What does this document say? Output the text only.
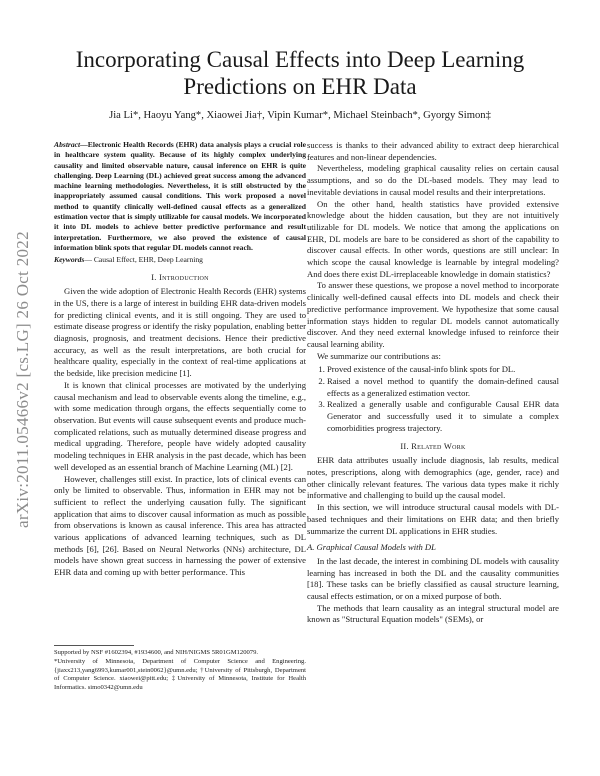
arXiv:2011.05466v2 [cs.LG] 26 Oct 2022
Incorporating Causal Effects into Deep Learning Predictions on EHR Data
Jia Li*, Haoyu Yang*, Xiaowei Jia†, Vipin Kumar*, Michael Steinbach*, Gyorgy Simon‡

Abstract—Electronic Health Records (EHR) data analysis plays a crucial role in healthcare system quality. Because of its highly complex underlying causality and limited observable nature, causal inference on EHR is quite challenging. Deep Learning (DL) achieved great success among the advanced machine learning methodologies. Nevertheless, it is still obstructed by the inappropriately assumed causal conditions. This work proposed a novel method to quantify clinically well-defined causal effects as a generalized estimation vector that is simply utilizable for causal models. We incorporated it into DL models to achieve better predictive performance and result interpretation. Furthermore, we also proved the existence of causal information blink spots that regular DL models cannot reach.

Keywords— Causal Effect, EHR, Deep Learning

I. Introduction

Given the wide adoption of Electronic Health Records (EHR) systems in the US, there is a large of interest in building EHR data-driven models for predicting clinical events, and it is still ongoing. They are used to estimate disease progress or identify the risky population, enabling better diagnosis, prognosis, and treatment decisions. Hence their predictive accuracy, as well as the result interpretations, are both crucial for healthcare quality, especially in the context of real-time applications at the bedside, like precision medicine [1].

It is known that clinical processes are motivated by the underlying causal mechanism and lead to observable events along the timeline, e.g., with some medication through organs, the effects sequentially come to observation. But events will cause subsequent events and produce much-complicated relations, such as mutually determined disease progress and medical upgrading. Therefore, people have widely adopted causality modeling techniques in EHR analysis in the past decade, which has been well developed as an essential branch of Machine Learning (ML) [2].

However, challenges still exist. In practice, lots of clinical events can only be limited to observable. Thus, information in EHR may not be sufficient to reflect the underlying causation fully. The significant application that aims to discover causal information as much as possible from observations is known as causal inference. This area has attracted various applications of advanced learning techniques, such as DL methods [6], [26]. Based on Neural Networks (NNs) architecture, DL models have shown great success in harnessing the power of extensive EHR data and coming up with better performance. This

Supported by NSF #1602394, #1934600, and NIH/NIGMS 5R01GM120079.

*University of Minnesota, Department of Computer Science and Engineering. {jiaxx213,yang6993,kumar001,stein0062}@umn.edu; †University of Pittsburgh, Department of Computer Science. xiaowei@pitt.edu; ‡University of Minnesota, Institute for Health Informatics. simo0342@umn.edu

success is thanks to their advanced ability to extract deep hierarchical features and non-linear dependencies.

Nevertheless, modeling graphical causality relies on certain causal assumptions, and so do the DL-based models. They may lead to inevitable deviations in causal model results and their interpretations.

On the other hand, health statistics have provided extensive knowledge about the hidden causation, but they are not intuitively utilizable for DL models. We notice that among the applications on EHR, DL models are bare to be considered as short of the capability to discover causal effects. In other words, questions are still unclear: In which scope the causal knowledge is learnable by integral modeling? And does there exist DL-irreplaceable knowledge in domain statistics?

To answer these questions, we propose a novel method to incorporate clinically well-defined causal effects into DL models and check their predictive performance improvement. We hypothesize that some causal information stays hidden to regular DL models cannot automatically discover. And they need external knowledge infused to reinforce their causal learning ability.

We summarize our contributions as:

1. Proved existence of the causal-info blink spots for DL.
2. Raised a novel method to quantify the domain-defined causal effects as a generalized estimation vector.
3. Realized a generally usable and configurable Causal EHR data Generator and successfully used it to simulate a complex comorbidities progress trajectory.
II. Related Work

EHR data attributes usually include diagnosis, lab results, medical notes, prescriptions, along with demographics (age, gender, race) and other clinically relevant features. The various data types make it richly informative and challenging to build up the causal model.

In this section, we will introduce structural causal models with DL-based techniques and their limitations on EHR data; and then briefly summarize the current DL applications in EHR studies.

A. Graphical Causal Models with DL

In the last decade, the interest in combining DL models with causality learning has increased in both the DL and the causality communities [18]. These tasks can be briefly classified as causal structure learning, causal effects estimation, or on a mixed purpose of both.

The methods that learn causality as an integral structural model are known as "Structural Equation models" (SEMs), or
